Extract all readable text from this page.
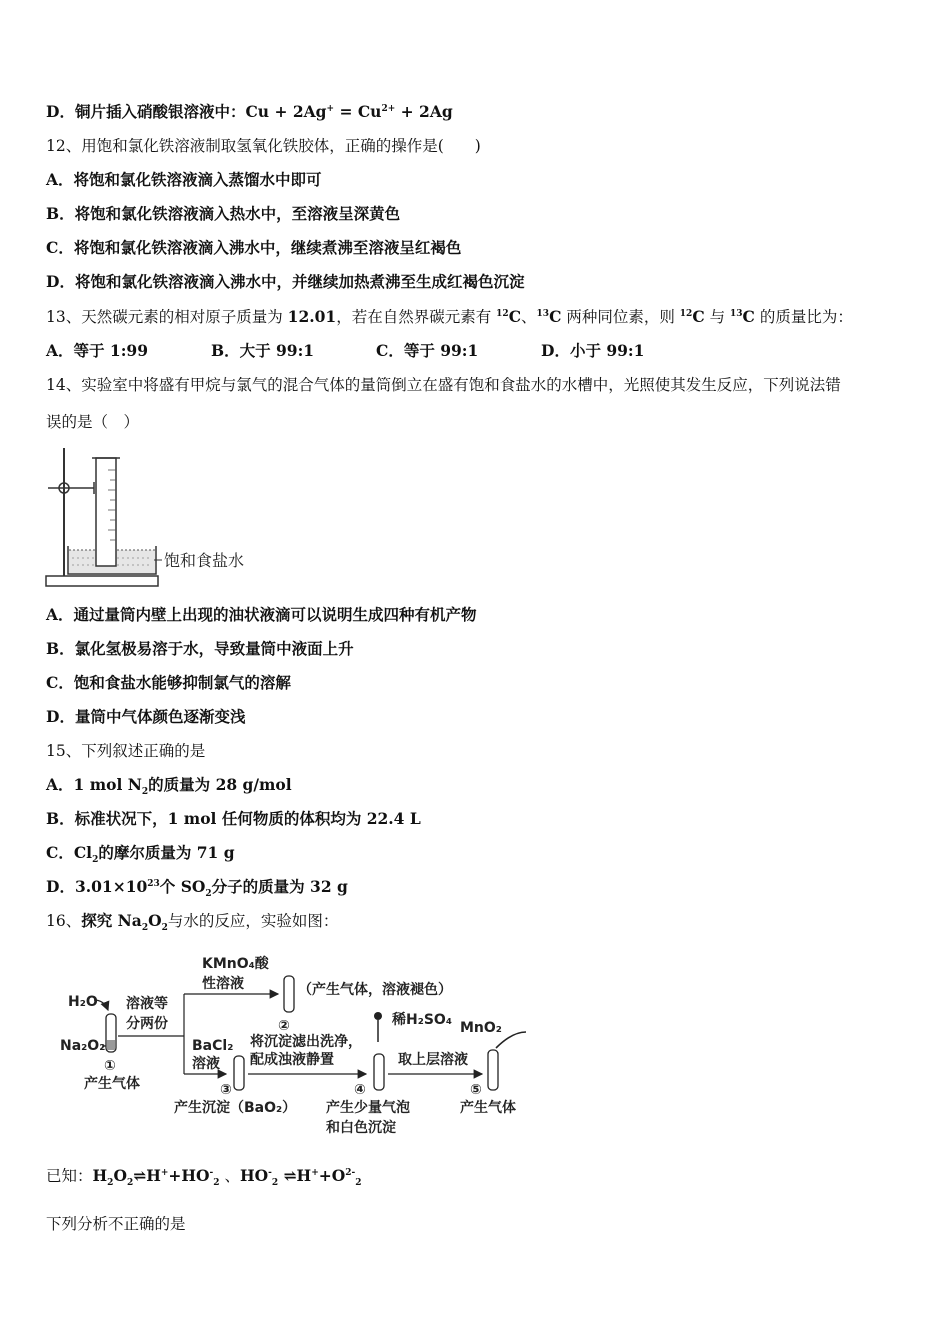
D．铜片插入硝酸银溶液中：$Cu + 2Ag^+ = Cu^{2+} + 2Ag$
12、用饱和氯化铁溶液制取氢氧化铁胶体，正确的操作是(　　)
A．将饱和氯化铁溶液滴入蒸馏水中即可
B．将饱和氯化铁溶液滴入热水中，至溶液呈深黄色
C．将饱和氯化铁溶液滴入沸水中，继续煮沸至溶液呈红褐色
D．将饱和氯化铁溶液滴入沸水中，并继续加热煮沸至生成红褐色沉淀
13、天然碳元素的相对原子质量为 12.01，若在自然界碳元素有 $^{12}$C、$^{13}$C 两种同位素，则 $^{12}$C 与 $^{13}$C 的质量比为：
A．等于 1:99	B．大于 99:1	C．等于 99:1	D．小于 99:1
14、实验室中将盛有甲烷与氯气的混合气体的量筒倒立在盛有饱和食盐水的水槽中，光照使其发生反应，下列说法错
误的是（　）
饱和食盐水
A．通过量筒内壁上出现的油状液滴可以说明生成四种有机产物
B．氯化氢极易溶于水，导致量筒中液面上升
C．饱和食盐水能够抑制氯气的溶解
D．量筒中气体颜色逐渐变浅
15、下列叙述正确的是
A．1 mol $N_2$的质量为 28 g/mol
B．标准状况下，1 mol 任何物质的体积均为 22.4 L
C．$Cl_2$的摩尔质量为 71 g
D．$3.01\times 10^{23}$个 $SO_2$分子的质量为 32 g
16、探究 $Na_2O_2$与水的反应，实验如图：
H₂O
Na₂O₂
①
产生气体
溶液等
分两份
KMnO₄酸
性溶液
②
（产生气体，溶液褪色）
BaCl₂
溶液
③
产生沉淀（BaO₂）
将沉淀滤出洗净，
配成浊液静置
稀H₂SO₄
④
产生少量气泡
和白色沉淀
取上层溶液
MnO₂
⑤
产生气体
已知：$H_2O_2\rightleftharpoons H^++HO^-_2$ 、$HO^-_2$ $\rightleftharpoons H^++O^{2-}_2$
下列分析不正确的是
